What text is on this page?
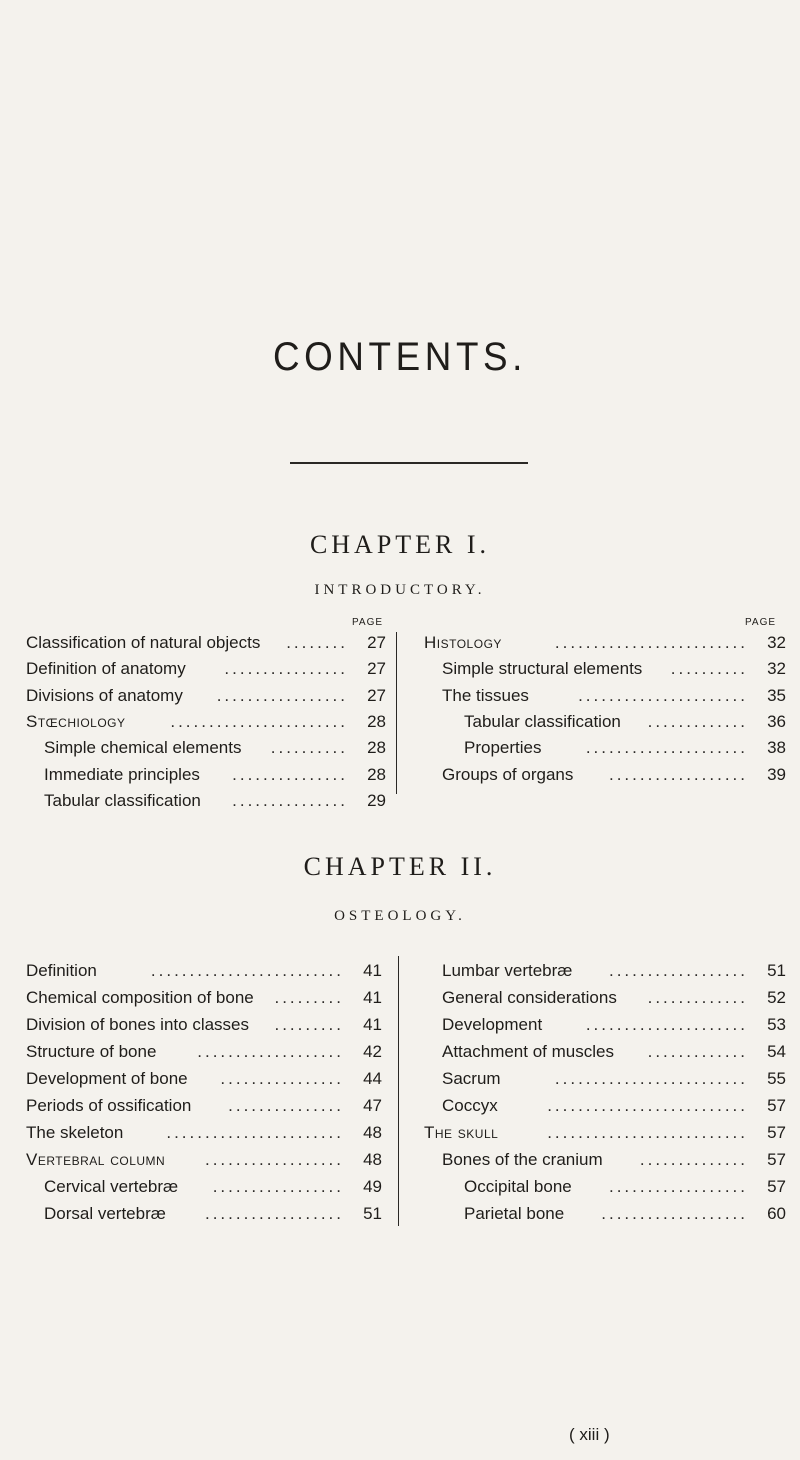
CONTENTS.
CHAPTER I.
INTRODUCTORY.
PAGE	PAGE
Classification of natural objects	........	27
Definition of anatomy	................	27
Divisions of anatomy	.................	27
Stœchiology	.......................	28
Simple chemical elements	..........	28
Immediate principles	...............	28
Tabular classification	...............	29
Histology	.........................	32
Simple structural elements	..........	32
The tissues	......................	35
Tabular classification	.............	36
Properties	.....................	38
Groups of organs	..................	39
CHAPTER II.
OSTEOLOGY.
Definition	.........................	41
Chemical composition of bone	.........	41
Division of bones into classes	.........	41
Structure of bone	...................	42
Development of bone	................	44
Periods of ossification	...............	47
The skeleton	.......................	48
Vertebral column	..................	48
Cervical vertebræ	.................	49
Dorsal vertebræ	..................	51
Lumbar vertebræ	..................	51
General considerations	.............	52
Development	.....................	53
Attachment of muscles	.............	54
Sacrum	.........................	55
Coccyx	..........................	57
The skull	..........................	57
Bones of the cranium	..............	57
Occipital bone	..................	57
Parietal bone	...................	60
( xiii )
